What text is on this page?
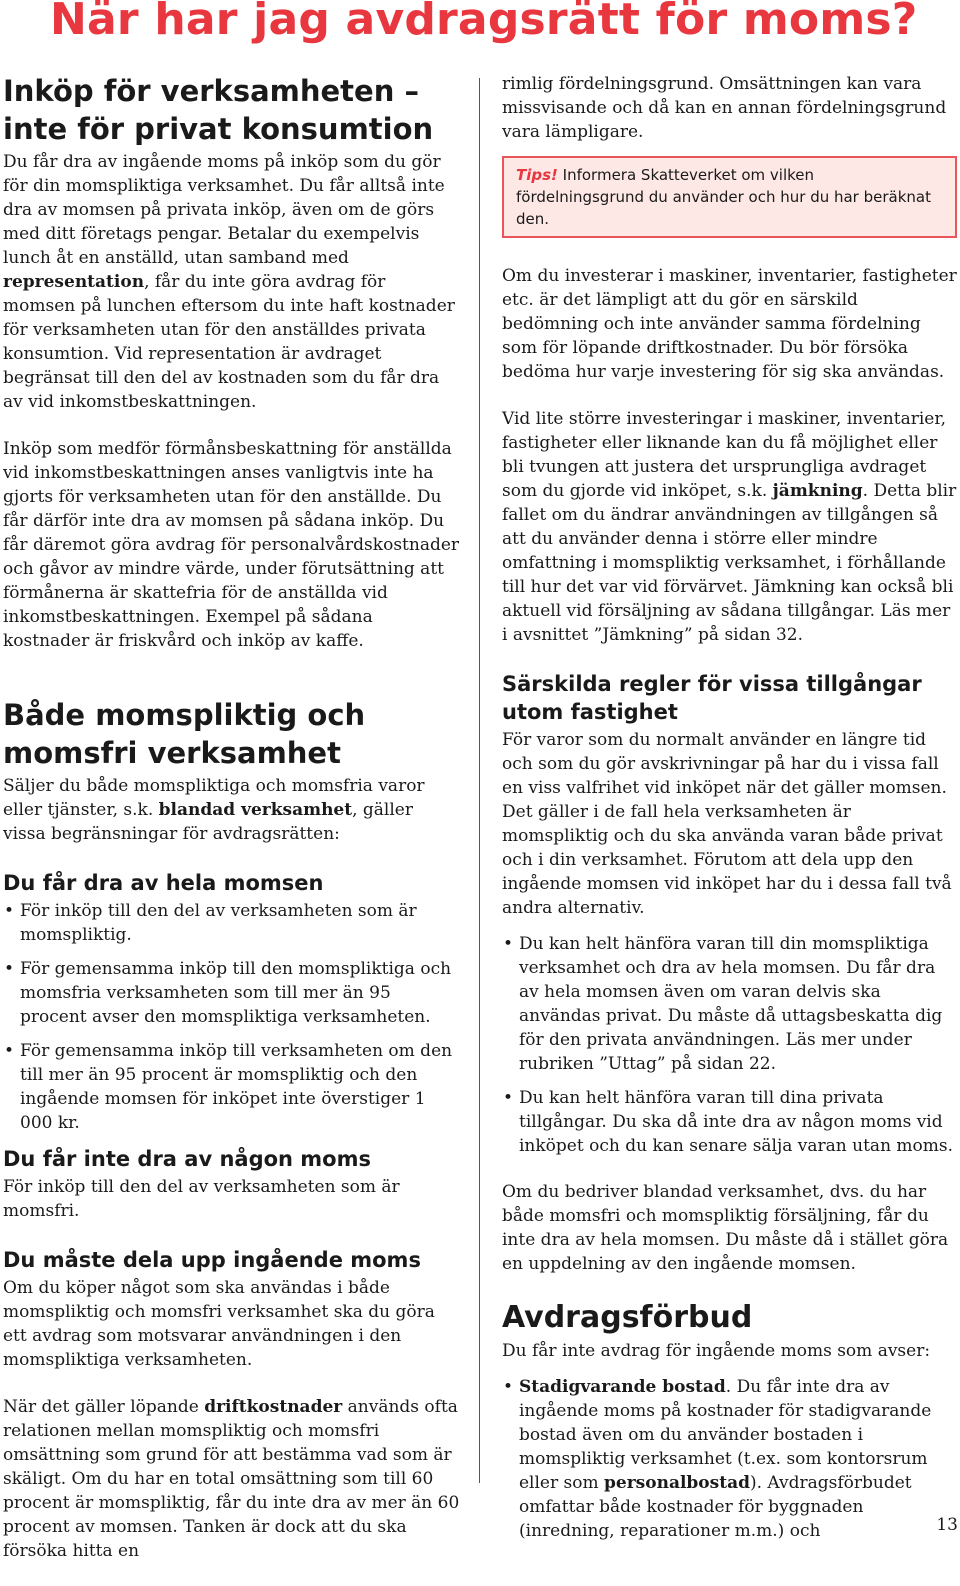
När har jag avdragsrätt för moms?
Inköp för verksamheten – inte för privat konsumtion

Du får dra av ingående moms på inköp som du gör för din momspliktiga verksamhet. Du får alltså inte dra av momsen på privata inköp, även om de görs med ditt företags pengar. Betalar du exempelvis lunch åt en anställd, utan samband med representation, får du inte göra avdrag för momsen på lunchen eftersom du inte haft kostnader för verksamheten utan för den anställdes privata konsumtion. Vid representation är avdraget begränsat till den del av kostnaden som du får dra av vid inkomstbeskattningen.

Inköp som medför förmånsbeskattning för anställda vid inkomstbeskattningen anses vanligtvis inte ha gjorts för verksamheten utan för den anställde. Du får därför inte dra av momsen på sådana inköp. Du får däremot göra avdrag för personalvårdskostnader och gåvor av mindre värde, under förutsättning att förmånerna är skattefria för de anställda vid inkomstbeskattningen. Exempel på sådana kostnader är friskvård och inköp av kaffe.

Både momspliktig och momsfri verksamhet

Säljer du både momspliktiga och momsfria varor eller tjänster, s.k. blandad verksamhet, gäller vissa begränsningar för avdragsrätten:

Du får dra av hela momsen
• För inköp till den del av verksamheten som är momspliktig.
• För gemensamma inköp till den momspliktiga och momsfria verksamheten som till mer än 95 procent avser den momspliktiga verksamheten.
• För gemensamma inköp till verksamheten om den till mer än 95 procent är momspliktig och den ingående momsen för inköpet inte överstiger 1 000 kr.
Du får inte dra av någon moms

För inköp till den del av verksamheten som är momsfri.

Du måste dela upp ingående moms

Om du köper något som ska användas i både momspliktig och momsfri verksamhet ska du göra ett avdrag som motsvarar användningen i den momspliktiga verksamheten.

När det gäller löpande driftkostnader används ofta relationen mellan momspliktig och momsfri omsättning som grund för att bestämma vad som är skäligt. Om du har en total omsättning som till 60 procent är momspliktig, får du inte dra av mer än 60 procent av momsen. Tanken är dock att du ska försöka hitta en

rimlig fördelningsgrund. Omsättningen kan vara missvisande och då kan en annan fördelningsgrund vara lämpligare.

Tips! Informera Skatteverket om vilken fördelningsgrund du använder och hur du har beräknat den.

Om du investerar i maskiner, inventarier, fastigheter etc. är det lämpligt att du gör en särskild bedömning och inte använder samma fördelning som för löpande driftkostnader. Du bör försöka bedöma hur varje investering för sig ska användas.

Vid lite större investeringar i maskiner, inventarier, fastigheter eller liknande kan du få möjlighet eller bli tvungen att justera det ursprungliga avdraget som du gjorde vid inköpet, s.k. jämkning. Detta blir fallet om du ändrar användningen av tillgången så att du använder denna i större eller mindre omfattning i momspliktig verksamhet, i förhållande till hur det var vid förvärvet. Jämkning kan också bli aktuell vid försäljning av sådana tillgångar. Läs mer i avsnittet ”Jämkning” på sidan 32.

Särskilda regler för vissa tillgångar utom fastighet

För varor som du normalt använder en längre tid och som du gör avskrivningar på har du i vissa fall en viss valfrihet vid inköpet när det gäller momsen. Det gäller i de fall hela verksamheten är momspliktig och du ska använda varan både privat och i din verksamhet. Förutom att dela upp den ingående momsen vid inköpet har du i dessa fall två andra alternativ.

• Du kan helt hänföra varan till din momspliktiga verksamhet och dra av hela momsen. Du får dra av hela momsen även om varan delvis ska användas privat. Du måste då uttagsbeskatta dig för den privata användningen. Läs mer under rubriken ”Uttag” på sidan 22.
• Du kan helt hänföra varan till dina privata tillgångar. Du ska då inte dra av någon moms vid inköpet och du kan senare sälja varan utan moms.

Om du bedriver blandad verksamhet, dvs. du har både momsfri och momspliktig försäljning, får du inte dra av hela momsen. Du måste då i stället göra en uppdelning av den ingående momsen.

Avdragsförbud

Du får inte avdrag för ingående moms som avser:

• Stadigvarande bostad. Du får inte dra av ingående moms på kostnader för stadigvarande bostad även om du använder bostaden i momspliktig verksamhet (t.ex. som kontorsrum eller som personalbostad). Avdragsförbudet omfattar både kostnader för byggnaden (inredning, reparationer m.m.) och	13
